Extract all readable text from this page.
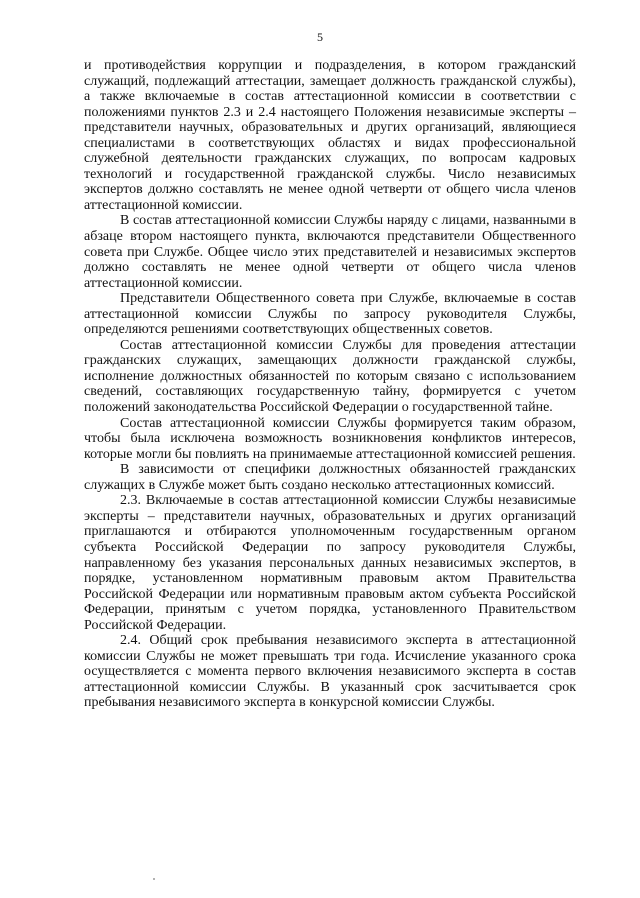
5

и противодействия коррупции и подразделения, в котором гражданский служащий, подлежащий аттестации, замещает должность гражданской службы), а также включаемые в состав аттестационной комиссии в соответствии с положениями пунктов 2.3 и 2.4 настоящего Положения независимые эксперты – представители научных, образовательных и других организаций, являющиеся специалистами в соответствующих областях и видах профессиональной служебной деятельности гражданских служащих, по вопросам кадровых технологий и государственной гражданской службы. Число независимых экспертов должно составлять не менее одной четверти от общего числа членов аттестационной комиссии.

В состав аттестационной комиссии Службы наряду с лицами, названными в абзаце втором настоящего пункта, включаются представители Общественного совета при Службе. Общее число этих представителей и независимых экспертов должно составлять не менее одной четверти от общего числа членов аттестационной комиссии.

Представители Общественного совета при Службе, включаемые в состав аттестационной комиссии Службы по запросу руководителя Службы, определяются решениями соответствующих общественных советов.

Состав аттестационной комиссии Службы для проведения аттестации гражданских служащих, замещающих должности гражданской службы, исполнение должностных обязанностей по которым связано с использованием сведений, составляющих государственную тайну, формируется с учетом положений законодательства Российской Федерации о государственной тайне.

Состав аттестационной комиссии Службы формируется таким образом, чтобы была исключена возможность возникновения конфликтов интересов, которые могли бы повлиять на принимаемые аттестационной комиссией решения.

В зависимости от специфики должностных обязанностей гражданских служащих в Службе может быть создано несколько аттестационных комиссий.

2.3. Включаемые в состав аттестационной комиссии Службы независимые эксперты – представители научных, образовательных и других организаций приглашаются и отбираются уполномоченным государственным органом субъекта Российской Федерации по запросу руководителя Службы, направленному без указания персональных данных независимых экспертов, в порядке, установленном нормативным правовым актом Правительства Российской Федерации или нормативным правовым актом субъекта Российской Федерации, принятым с учетом порядка, установленного Правительством Российской Федерации.

2.4. Общий срок пребывания независимого эксперта в аттестационной комиссии Службы не может превышать три года. Исчисление указанного срока осуществляется с момента первого включения независимого эксперта в состав аттестационной комиссии Службы. В указанный срок засчитывается срок пребывания независимого эксперта в конкурсной комиссии Службы.
